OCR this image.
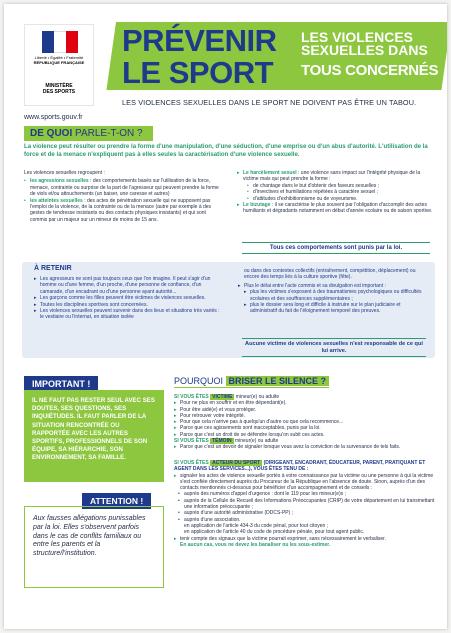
Liberté • Égalité • Fraternité
RÉPUBLIQUE FRANÇAISE
MINISTÈRE
DES SPORTS
PRÉVENIR
LE SPORT
LES VIOLENCES
SEXUELLES DANS
TOUS CONCERNÉS
LES VIOLENCES SEXUELLES DANS LE SPORT NE DOIVENT PAS ÊTRE UN TABOU.
www.sports.gouv.fr
DE QUOI PARLE-T-ON ?
La violence peut résulter ou prendre la forme d'une manipulation, d'une séduction, d'une emprise ou d'un abus d'autorité. L'utilisation de la force et de la menace n'expliquent pas à elles seules la caractérisation d'une violence sexuelle.

Les violences sexuelles regroupent :

• les agressions sexuelles : des comportements basés sur l'utilisation de la force, menace, contrainte ou surprise de la part de l'agresseur qui peuvent prendre la forme de viols et/ou attouchements (un baiser, une caresse et autres)
• les atteintes sexuelles : des actes de pénétration sexuelle qui ne supposent pas l'emploi de la violence, de la contrainte ou de la menace (autre par exemple à des gestes de tendresse insistants ou des contacts physiques insistants) et qui sont commis par un majeur sur un mineur de moins de 15 ans.
▸ Le harcèlement sexuel : une violence sans impact sur l'intégrité physique de la victime mais qui peut prendre la forme :
• de chantage dans le but d'obtenir des faveurs sexuelles ;
• d'invectives et humiliations répétées à caractère sexuel ;
• d'attitudes d'exhibitionnisme ou de voyeurisme.
▸ Le bizutage : il se caractérise le plus souvent par l'obligation d'accomplir des actes humiliants et dégradants notamment en début d'année scolaire ou de saison sportive.
Tous ces comportements sont punis par la loi.
À RETENIR
▸ Les agresseurs ne sont pas toujours ceux que l'on imagine. Il peut s'agir d'un homme ou d'une femme, d'un proche, d'une personne de confiance, d'un camarade, d'un encadrant ou d'une personne ayant autorité...
▸ Les garçons comme les filles peuvent être victimes de violences sexuelles.
▸ Toutes les disciplines sportives sont concernées.
▸ Les violences sexuelles peuvent survenir dans des lieux et situations très variés : le vestiaire ou l'internat, en situation isolée

ou dans des contextes collectifs (entraînement, compétition, déplacement) ou encore des temps liés à la culture sportive (fête).

▸ Plus le délai entre l'acte commis et sa divulgation est important :
▸ plus les victimes s'exposent à des traumatismes psychologiques ou difficultés scolaires et des souffrances supplémentaires ;
▸ plus le dossier sera long et difficile à instruire sur le plan judiciaire et administratif du fait de l'éloignement temporel des preuves.
Aucune victime de violences sexuelles n'est responsable de ce qui lui arrive.
IMPORTANT !
IL NE FAUT PAS RESTER SEUL AVEC SES DOUTES, SES QUESTIONS, SES INQUIÉTUDES. IL FAUT PARLER DE LA SITUATION RENCONTRÉE OU RAPPORTÉE AVEC LES AUTRES SPORTIFS, PROFESSIONNELS DE SON ÉQUIPE, SA HIÉRARCHIE, SON ENVIRONNEMENT, SA FAMILLE.
ATTENTION !
Aux fausses allégations punissables par la loi. Elles s'observent parfois dans le cas de conflits familiaux ou entre les parents et la structure/l'institution.
POURQUOI BRISER LE SILENCE ?
SI VOUS ÊTES VICTIME mineur(e) ou adulte
▸ Pour ne plus en souffrir et en être dépendant(e).
▸ Pour être aidé(e) et vous protéger.
▸ Pour retrouver votre intégrité.
▸ Pour que cela n'arrive pas à quelqu'un d'autre ou que cela recommence...
▸ Parce que ces agissements sont inacceptables, punis par la loi.
▸ Parce que c'est un droit de se défendre lorsqu'on subit ces actes.
SI VOUS ÊTES TÉMOIN mineur(e) ou adulte
▸ Parce que c'est un devoir de signaler lorsque vous avez la conviction de la survenance de tels faits.
SI VOUS ÊTES ACTEUR DU SPORT (DIRIGEANT, ENCADRANT, ÉDUCATEUR, PARENT, PRATIQUANT ET AGENT DANS LES SERVICES...), VOUS ÊTES TENU DE :
▸ signaler les actes de violence sexuelle portés à votre connaissance par la victime ou une personne à qui la victime s'est confiée directement auprès du Procureur de la République en l'absence de doute. Sinon, auprès d'un des contacts mentionnés ci-dessous pour bénéficier d'un accompagnement et de conseils :
• auprès des numéros d'appel d'urgence : dont le 119 pour les mineur(e)s ;
• auprès de la Cellule de Recueil des Informations Préoccupantes (CRIP) de votre département en lui transmettant une information préoccupante ;
• auprès d'une autorité administrative (DDCS-PP) ;
• auprès d'une association.
en application de l'article 434-3 du code pénal, pour tout citoyen ;
en application de l'article 40 du code de procédure pénale, pour tout agent public.
▸ tenir compte des signaux que la victime pourrait exprimer, sans nécessairement le verbaliser.
En aucun cas, vous ne devez les banaliser ou les sous-estimer.
